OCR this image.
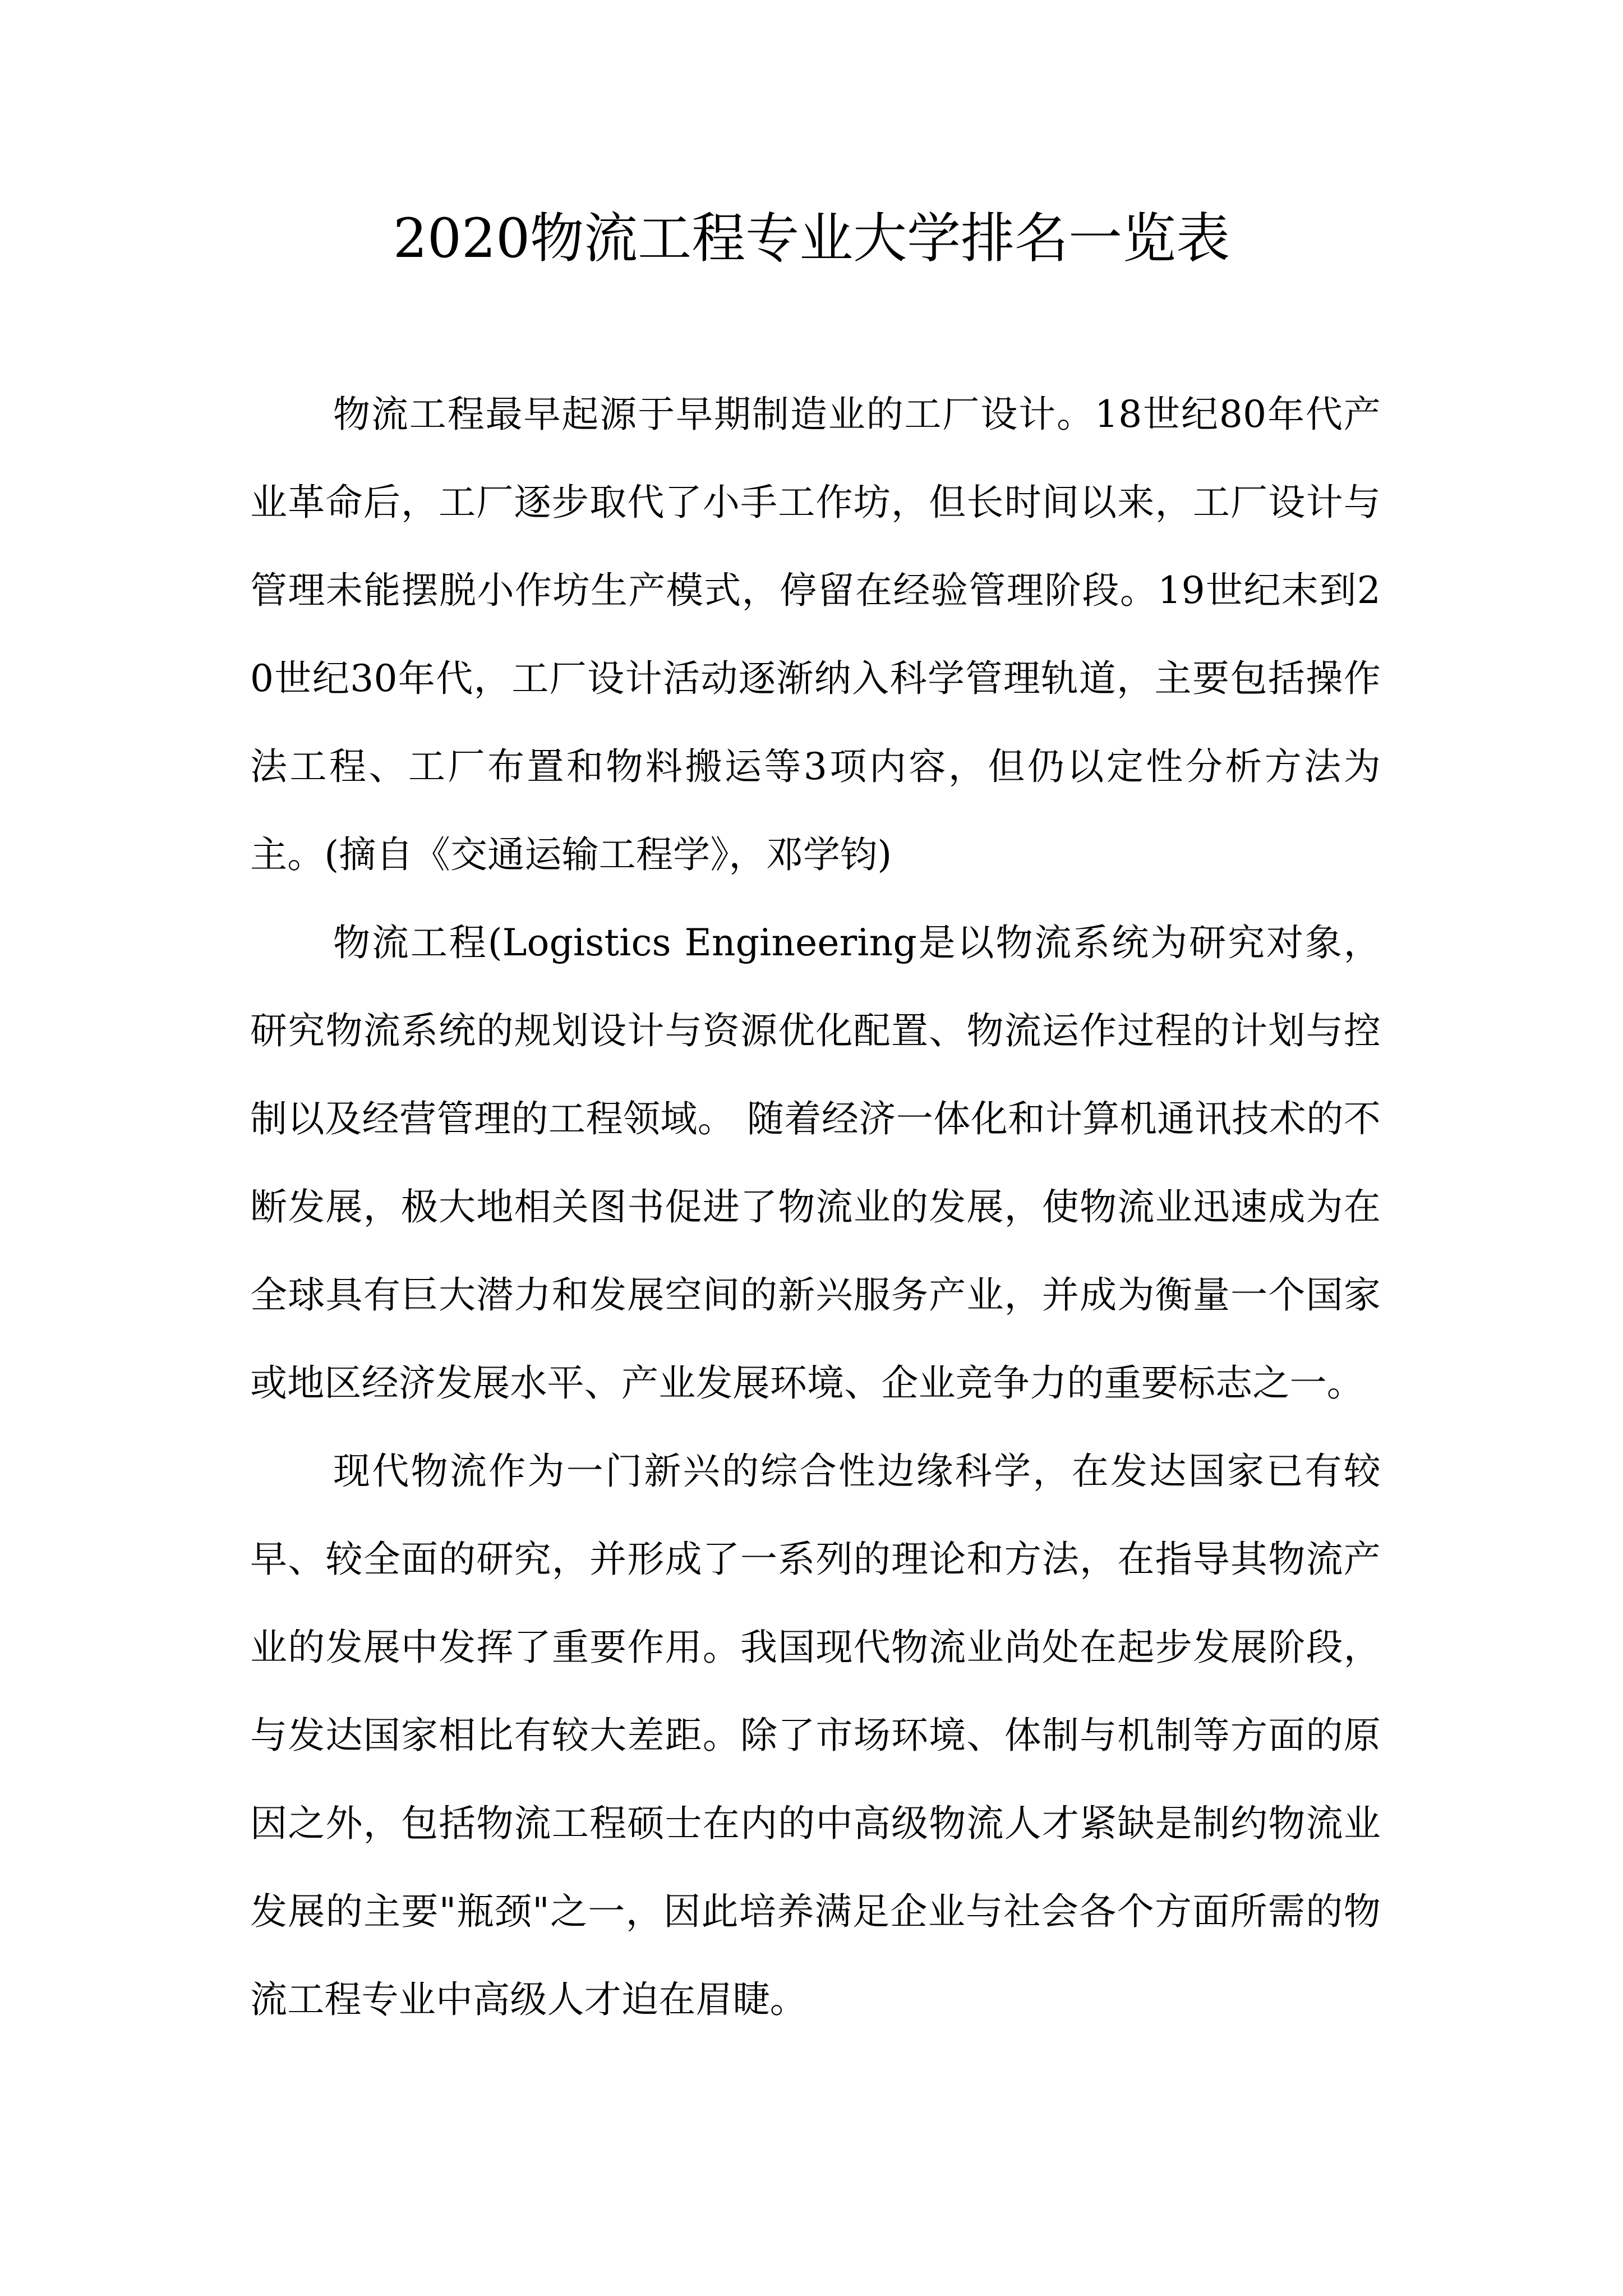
2020物流工程专业大学排名一览表

物流工程最早起源于早期制造业的工厂设计。18世纪80年代产业革命后，工厂逐步取代了小手工作坊，但长时间以来，工厂设计与管理未能摆脱小作坊生产模式，停留在经验管理阶段。19世纪末到20世纪30年代，工厂设计活动逐渐纳入科学管理轨道，主要包括操作法工程、工厂布置和物料搬运等3项内容，但仍以定性分析方法为主。(摘自《交通运输工程学》，邓学钧)

物流工程(Logistics Engineering是以物流系统为研究对象，研究物流系统的规划设计与资源优化配置、物流运作过程的计划与控制以及经营管理的工程领域。 随着经济一体化和计算机通讯技术的不断发展，极大地相关图书促进了物流业的发展，使物流业迅速成为在全球具有巨大潜力和发展空间的新兴服务产业，并成为衡量一个国家或地区经济发展水平、产业发展环境、企业竞争力的重要标志之一。

现代物流作为一门新兴的综合性边缘科学，在发达国家已有较早、较全面的研究，并形成了一系列的理论和方法，在指导其物流产业的发展中发挥了重要作用。我国现代物流业尚处在起步发展阶段，与发达国家相比有较大差距。除了市场环境、体制与机制等方面的原因之外，包括物流工程硕士在内的中高级物流人才紧缺是制约物流业发展的主要"瓶颈"之一，因此培养满足企业与社会各个方面所需的物流工程专业中高级人才迫在眉睫。
